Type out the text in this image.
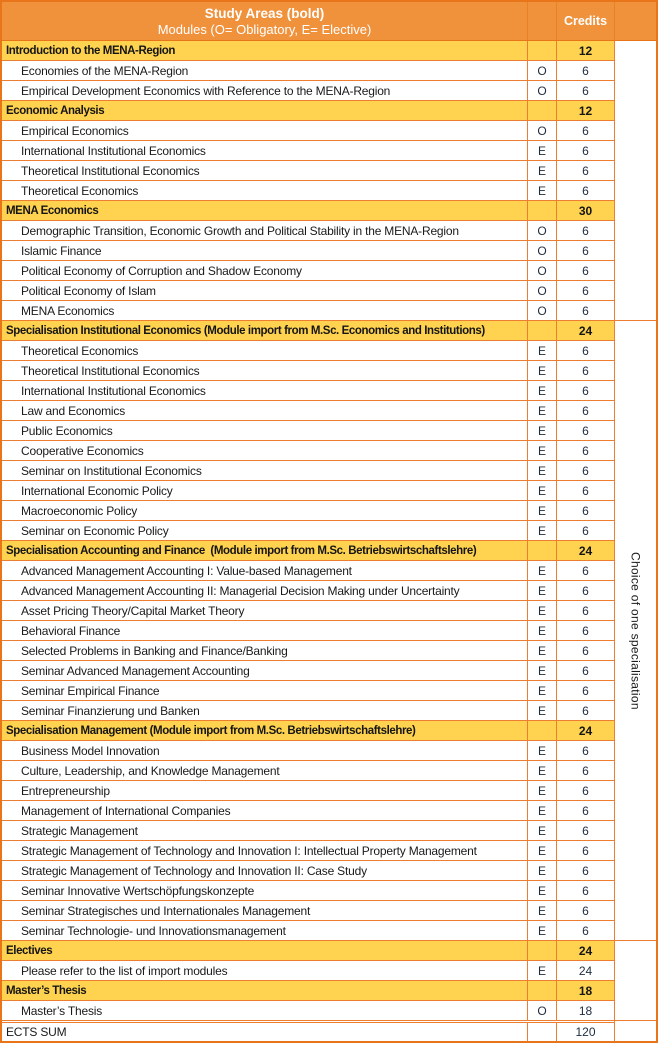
Study Areas (bold)
Modules (O= Obligatory, E= Elective)
Credits
Introduction to the MENA-Region	12
Economies of the MENA-Region	O	6
Empirical Development Economics with Reference to the MENA-Region	O	6
Economic Analysis	12
Empirical Economics	O	6
International Institutional Economics	E	6
Theoretical Institutional Economics	E	6
Theoretical Economics	E	6
MENA Economics	30
Demographic Transition, Economic Growth and Political Stability in the MENA-Region	O	6
Islamic Finance	O	6
Political Economy of Corruption and Shadow Economy	O	6
Political Economy of Islam	O	6
MENA Economics	O	6
Specialisation Institutional Economics (Module import from M.Sc. Economics and Institutions)	24
Theoretical Economics	E	6
Theoretical Institutional Economics	E	6
International Institutional Economics	E	6
Law and Economics	E	6
Public Economics	E	6
Cooperative Economics	E	6
Seminar on Institutional Economics	E	6
International Economic Policy	E	6
Macroeconomic Policy	E	6
Seminar on Economic Policy	E	6
Specialisation Accounting and Finance  (Module import from M.Sc. Betriebswirtschaftslehre)	24
Advanced Management Accounting I: Value-based Management	E	6
Advanced Management Accounting II: Managerial Decision Making under Uncertainty	E	6
Asset Pricing Theory/Capital Market Theory	E	6
Behavioral Finance	E	6
Selected Problems in Banking and Finance/Banking	E	6
Seminar Advanced Management Accounting	E	6
Seminar Empirical Finance	E	6
Seminar Finanzierung und Banken	E	6
Specialisation Management (Module import from M.Sc. Betriebswirtschaftslehre)	24
Business Model Innovation	E	6
Culture, Leadership, and Knowledge Management	E	6
Entrepreneurship	E	6
Management of International Companies	E	6
Strategic Management	E	6
Strategic Management of Technology and Innovation I: Intellectual Property Management	E	6
Strategic Management of Technology and Innovation II: Case Study	E	6
Seminar Innovative Wertschöpfungskonzepte	E	6
Seminar Strategisches und Internationales Management	E	6
Seminar Technologie- und Innovationsmanagement	E	6
Electives	24
Please refer to the list of import modules	E	24
Master’s Thesis	18
Master’s Thesis	O	18
ECTS SUM	120
Choice of one specialisation
